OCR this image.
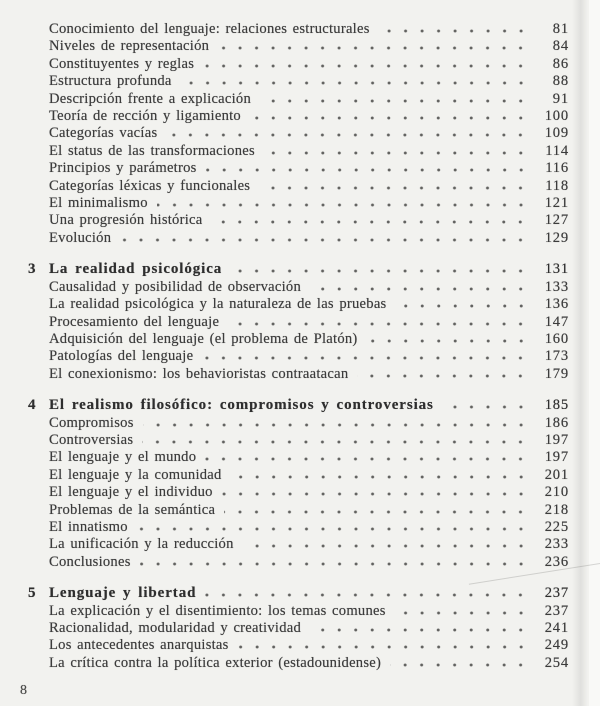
Conocimiento del lenguaje: relaciones estructurales	81
Niveles de representación	84
Constituyentes y reglas	86
Estructura profunda	88
Descripción frente a explicación	91
Teoría de rección y ligamiento	100
Categorías vacías	109
El status de las transformaciones	114
Principios y parámetros	116
Categorías léxicas y funcionales	118
El minimalismo	121
Una progresión histórica	127
Evolución	129
3 La realidad psicológica	131
Causalidad y posibilidad de observación	133
La realidad psicológica y la naturaleza de las pruebas	136
Procesamiento del lenguaje	147
Adquisición del lenguaje (el problema de Platón)	160
Patologías del lenguaje	173
El conexionismo: los behavioristas contraatacan	179
4 El realismo filosófico: compromisos y controversias	185
Compromisos	186
Controversias	197
El lenguaje y el mundo	197
El lenguaje y la comunidad	201
El lenguaje y el individuo	210
Problemas de la semántica	218
El innatismo	225
La unificación y la reducción	233
Conclusiones	236
5 Lenguaje y libertad	237
La explicación y el disentimiento: los temas comunes	237
Racionalidad, modularidad y creatividad	241
Los antecedentes anarquistas	249
La crítica contra la política exterior (estadounidense)	254
8
